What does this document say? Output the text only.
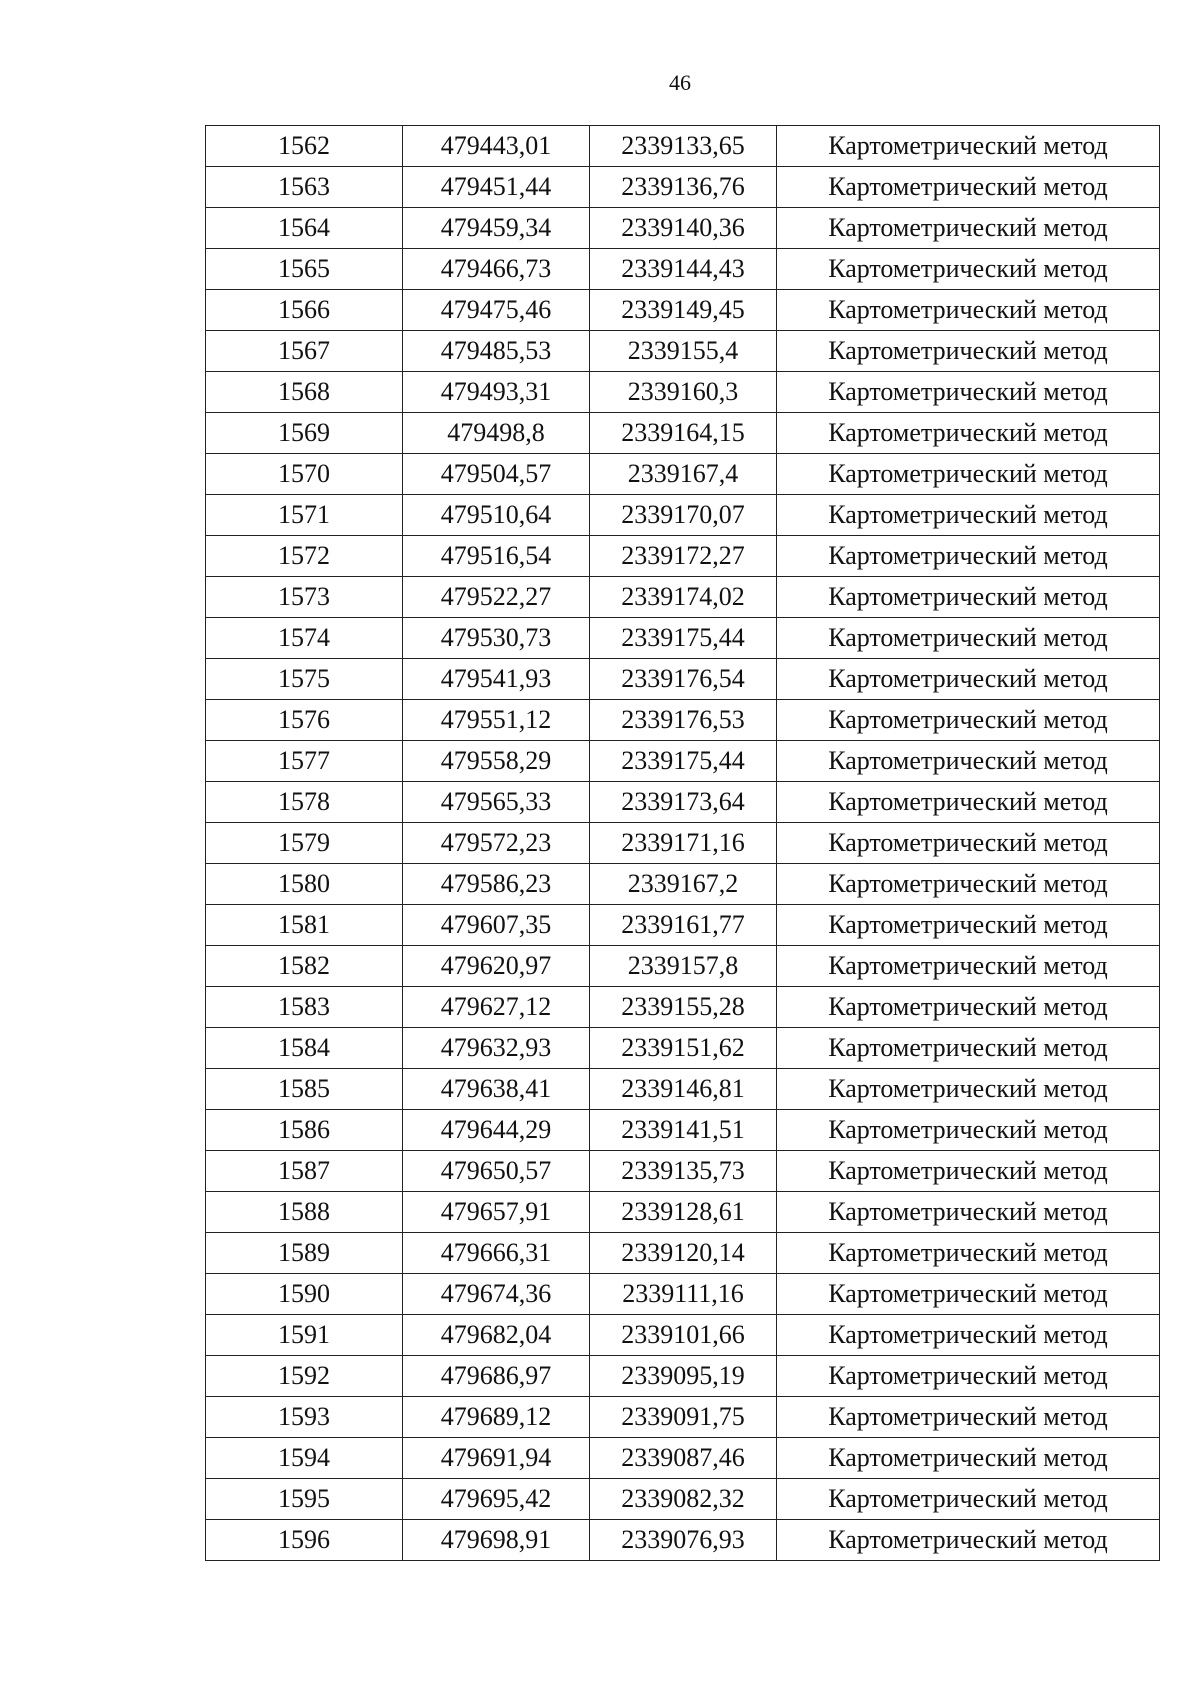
46
1562	479443,01	2339133,65	Картометрический метод
1563	479451,44	2339136,76	Картометрический метод
1564	479459,34	2339140,36	Картометрический метод
1565	479466,73	2339144,43	Картометрический метод
1566	479475,46	2339149,45	Картометрический метод
1567	479485,53	2339155,4	Картометрический метод
1568	479493,31	2339160,3	Картометрический метод
1569	479498,8	2339164,15	Картометрический метод
1570	479504,57	2339167,4	Картометрический метод
1571	479510,64	2339170,07	Картометрический метод
1572	479516,54	2339172,27	Картометрический метод
1573	479522,27	2339174,02	Картометрический метод
1574	479530,73	2339175,44	Картометрический метод
1575	479541,93	2339176,54	Картометрический метод
1576	479551,12	2339176,53	Картометрический метод
1577	479558,29	2339175,44	Картометрический метод
1578	479565,33	2339173,64	Картометрический метод
1579	479572,23	2339171,16	Картометрический метод
1580	479586,23	2339167,2	Картометрический метод
1581	479607,35	2339161,77	Картометрический метод
1582	479620,97	2339157,8	Картометрический метод
1583	479627,12	2339155,28	Картометрический метод
1584	479632,93	2339151,62	Картометрический метод
1585	479638,41	2339146,81	Картометрический метод
1586	479644,29	2339141,51	Картометрический метод
1587	479650,57	2339135,73	Картометрический метод
1588	479657,91	2339128,61	Картометрический метод
1589	479666,31	2339120,14	Картометрический метод
1590	479674,36	2339111,16	Картометрический метод
1591	479682,04	2339101,66	Картометрический метод
1592	479686,97	2339095,19	Картометрический метод
1593	479689,12	2339091,75	Картометрический метод
1594	479691,94	2339087,46	Картометрический метод
1595	479695,42	2339082,32	Картометрический метод
1596	479698,91	2339076,93	Картометрический метод
